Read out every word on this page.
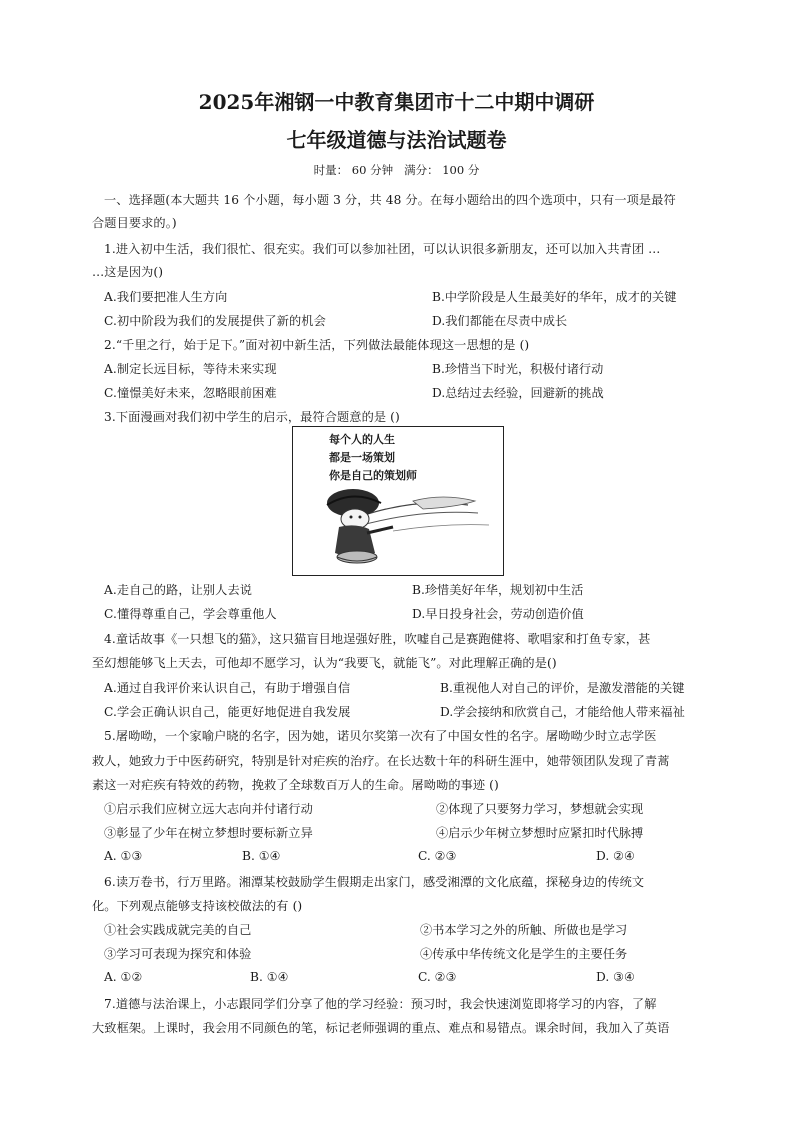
2025年湘钢一中教育集团市十二中期中调研
七年级道德与法治试题卷
时量： 60 分钟   满分： 100 分
一、选择题(本大题共 16 个小题，每小题 3 分，共 48 分。在每小题给出的四个选项中，只有一项是最符
合题目要求的。)
1.进入初中生活，我们很忙、很充实。我们可以参加社团，可以认识很多新朋友，还可以加入共青团 …
…这是因为()
A.我们要把准人生方向	B.中学阶段是人生最美好的华年，成才的关键
C.初中阶段为我们的发展提供了新的机会	D.我们都能在尽责中成长
2.“千里之行，始于足下。”面对初中新生活，下列做法最能体现这一思想的是 ()
A.制定长远目标，等待未来实现	B.珍惜当下时光，积极付诸行动
C.憧憬美好未来，忽略眼前困难	D.总结过去经验，回避新的挑战
3.下面漫画对我们初中学生的启示，最符合题意的是 ()
每个人的人生
都是一场策划
你是自己的策划师
A.走自己的路，让别人去说	B.珍惜美好年华，规划初中生活
C.懂得尊重自己，学会尊重他人	D.早日投身社会，劳动创造价值
4.童话故事《一只想飞的猫》，这只猫盲目地逞强好胜，吹嘘自己是赛跑健将、歌唱家和打鱼专家，甚
至幻想能够飞上天去，可他却不愿学习，认为“我要飞，就能飞”。对此理解正确的是()
A.通过自我评价来认识自己，有助于增强自信	B.重视他人对自己的评价，是激发潜能的关键
C.学会正确认识自己，能更好地促进自我发展	D.学会接纳和欣赏自己，才能给他人带来福祉
5.屠呦呦，一个家喻户晓的名字，因为她，诺贝尔奖第一次有了中国女性的名字。屠呦呦少时立志学医
救人，她致力于中医药研究，特别是针对疟疾的治疗。在长达数十年的科研生涯中，她带领团队发现了青蒿
素这一对疟疾有特效的药物，挽救了全球数百万人的生命。屠呦呦的事迹 ()
①启示我们应树立远大志向并付诸行动	②体现了只要努力学习，梦想就会实现
③彰显了少年在树立梦想时要标新立异	④启示少年树立梦想时应紧扣时代脉搏
A. ①③	B. ①④	C. ②③	D. ②④
6.读万卷书，行万里路。湘潭某校鼓励学生假期走出家门，感受湘潭的文化底蕴，探秘身边的传统文
化。下列观点能够支持该校做法的有 ()
①社会实践成就完美的自己	②书本学习之外的所触、所做也是学习
③学习可表现为探究和体验	④传承中华传统文化是学生的主要任务
A. ①②	B. ①④	C. ②③	D. ③④
7.道德与法治课上，小志跟同学们分享了他的学习经验：预习时，我会快速浏览即将学习的内容，了解
大致框架。上课时，我会用不同颜色的笔，标记老师强调的重点、难点和易错点。课余时间，我加入了英语
